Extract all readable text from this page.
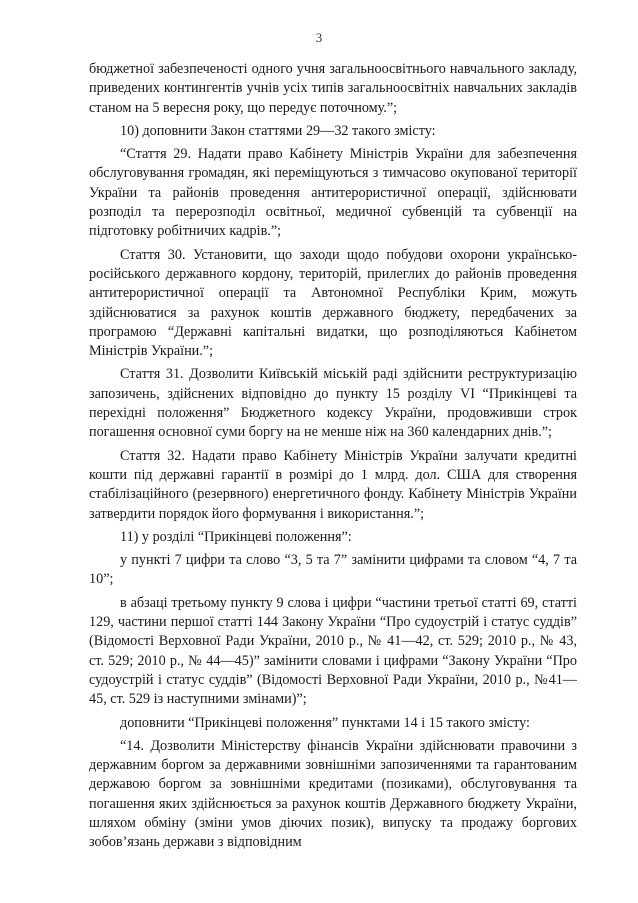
3

бюджетної забезпеченості одного учня загальноосвітнього навчального закладу, приведених контингентів учнів усіх типів загальноосвітніх навчальних закладів станом на 5 вересня року, що передує поточному.”;

10) доповнити Закон статтями 29—32 такого змісту:

“Стаття 29. Надати право Кабінету Міністрів України для забезпечення обслуговування громадян, які переміщуються з тимчасово окупованої території України та районів проведення антитерористичної операції, здійснювати розподіл та перерозподіл освітньої, медичної субвенцій та субвенції на підготовку робітничих кадрів.”;

Стаття 30. Установити, що заходи щодо побудови охорони українсько-російського державного кордону, територій, прилеглих до районів проведення антитерористичної операції та Автономної Республіки Крим, можуть здійснюватися за рахунок коштів державного бюджету, передбачених за програмою “Державні капітальні видатки, що розподіляються Кабінетом Міністрів України.”;

Стаття 31. Дозволити Київській міській раді здійснити реструктуризацію запозичень, здійснених відповідно до пункту 15 розділу VI “Прикінцеві та перехідні положення” Бюджетного кодексу України, продовживши строк погашення основної суми боргу на не менше ніж на 360 календарних днів.”;

Стаття 32. Надати право Кабінету Міністрів України залучати кредитні кошти під державні гарантії в розмірі до 1 млрд. дол. США для створення стабілізаційного (резервного) енергетичного фонду. Кабінету Міністрів України затвердити порядок його формування і використання.”;

11) у розділі “Прикінцеві положення”:

у пункті 7 цифри та слово “3, 5 та 7” замінити цифрами та словом “4, 7 та 10”;

в абзаці третьому пункту 9 слова і цифри “частини третьої статті 69, статті 129, частини першої статті 144 Закону України “Про судоустрій і статус суддів” (Відомості Верховної Ради України, 2010 р., № 41—42, ст. 529; 2010 р., № 43, ст. 529; 2010 р., № 44—45)” замінити словами і цифрами “Закону України “Про судоустрій і статус суддів” (Відомості Верховної Ради України, 2010 р., №41—45, ст. 529 із наступними змінами)”;

доповнити “Прикінцеві положення” пунктами 14 і 15 такого змісту:

“14. Дозволити Міністерству фінансів України здійснювати правочини з державним боргом за державними зовнішніми запозиченнями та гарантованим державою боргом за зовнішніми кредитами (позиками), обслуговування та погашення яких здійснюється за рахунок коштів Державного бюджету України, шляхом обміну (зміни умов діючих позик), випуску та продажу боргових зобов’язань держави з відповідним
